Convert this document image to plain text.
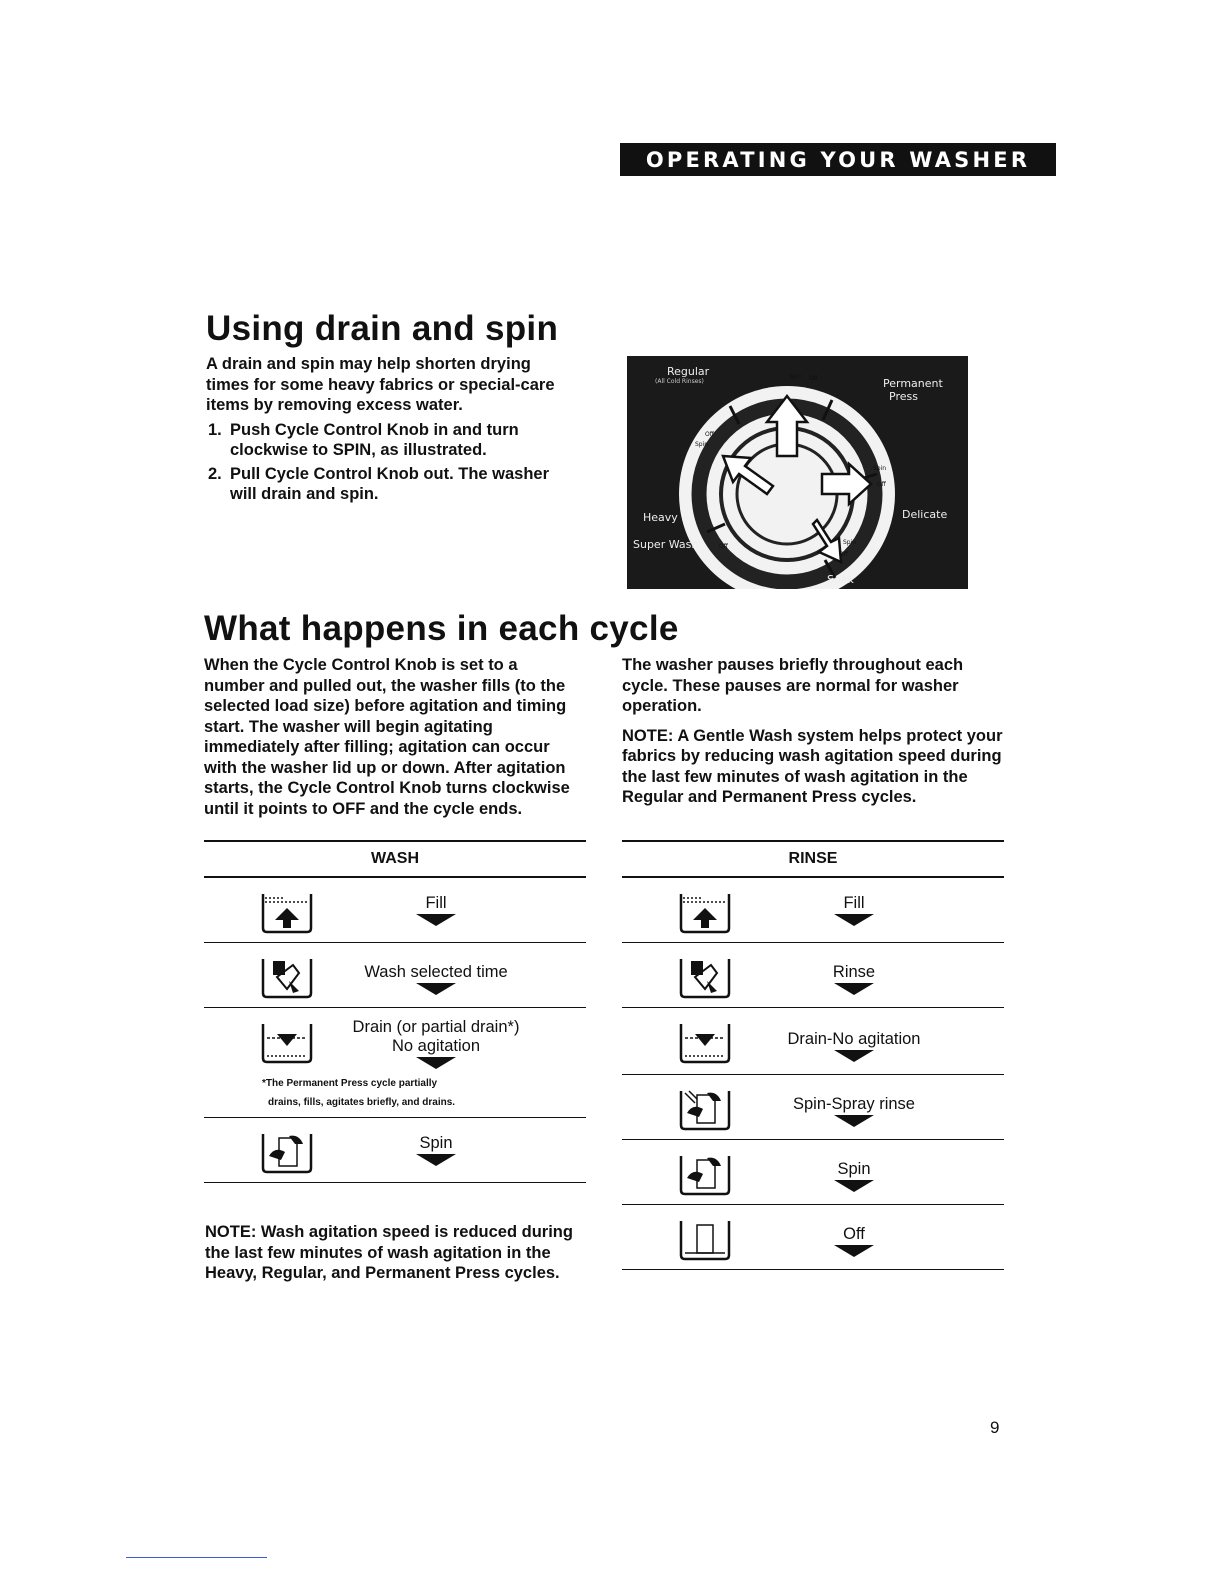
OPERATING YOUR WASHER
Using drain and spin

A drain and spin may help shorten drying times for some heavy fabrics or special-care items by removing excess water.

1. Push Cycle Control Knob in and turn clockwise to SPIN, as illustrated.
2. Pull Cycle Control Knob out. The washer will drain and spin.
Regular
(All Cold Rinses)	Permanent
Press
Delicate
Soak
Heavy
Super Wash
Spin Off
Off
Spin
Spin
Off
Off
Spin
Off
What happens in each cycle

When the Cycle Control Knob is set to a number and pulled out, the washer fills (to the selected load size) before agitation and timing start. The washer will begin agitating immediately after filling; agitation can occur with the washer lid up or down. After agitation starts, the Cycle Control Knob turns clockwise until it points to OFF and the cycle ends.

The washer pauses briefly throughout each cycle. These pauses are normal for washer operation.

NOTE: A Gentle Wash system helps protect your fabrics by reducing wash agitation speed during the last few minutes of wash agitation in the Regular and Permanent Press cycles.

WASH
Fill
Wash selected time
Drain (or partial drain*)
No agitation
*The Permanent Press cycle partially
drains, fills, agitates briefly, and drains.
Spin
RINSE
Fill
Rinse
Drain-No agitation
Spin-Spray rinse
Spin
Off
NOTE: Wash agitation speed is reduced during the last few minutes of wash agitation in the Heavy, Regular, and Permanent Press cycles.
9
